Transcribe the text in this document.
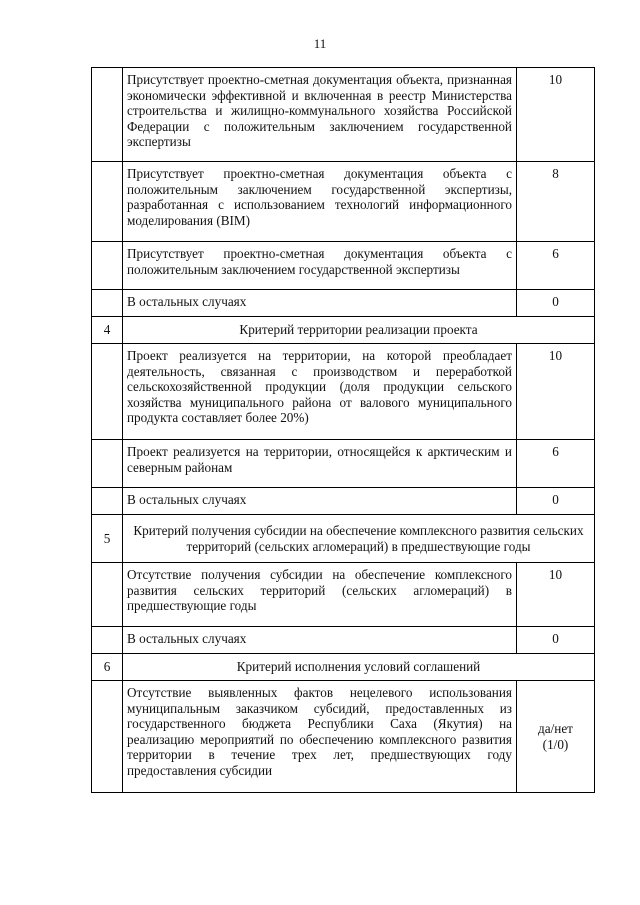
11
	Присутствует проектно-сметная документация объекта, признанная экономически эффективной и включенная в реестр Министерства строительства и жилищно-коммунального хозяйства Российской Федерации с положительным заключением государственной экспертизы	10
	Присутствует проектно-сметная документация объекта с положительным заключением государственной экспертизы, разработанная с использованием технологий информационного моделирования (BIM)	8
	Присутствует проектно-сметная документация объекта с положительным заключением государственной экспертизы	6
	В остальных случаях	0
4	Критерий территории реализации проекта	
	Проект реализуется на территории, на которой преобладает деятельность, связанная с производством и переработкой сельскохозяйственной продукции (доля продукции сельского хозяйства муниципального района от валового муниципального продукта составляет более 20%)	10
	Проект реализуется на территории, относящейся к арктическим и северным районам	6
	В остальных случаях	0
5	Критерий получения субсидии на обеспечение комплексного развития сельских территорий (сельских агломераций) в предшествующие годы	
	Отсутствие получения субсидии на обеспечение комплексного развития сельских территорий (сельских агломераций) в предшествующие годы	10
	В остальных случаях	0
6	Критерий исполнения условий соглашений	
	Отсутствие выявленных фактов нецелевого использования муниципальным заказчиком субсидий, предоставленных из государственного бюджета Республики Саха (Якутия) на реализацию мероприятий по обеспечению комплексного развития территории в течение трех лет, предшествующих году предоставления субсидии	да/нет
(1/0)
